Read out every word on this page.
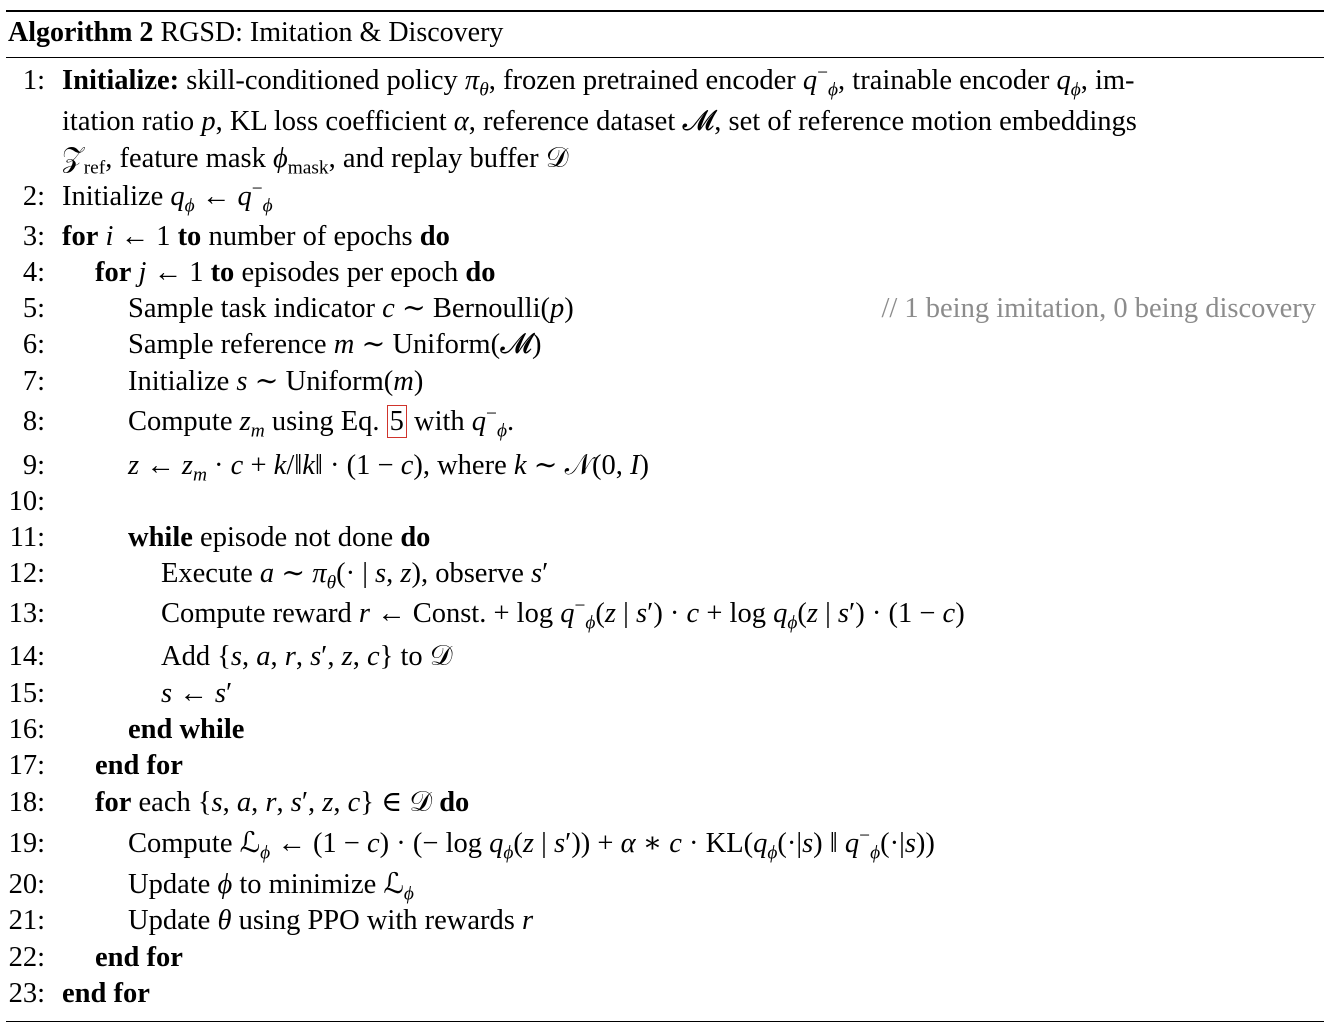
Algorithm 2 RGSD: Imitation & Discovery
1: Initialize: skill-conditioned policy $\pi_\theta$, frozen pretrained encoder $q^-_\phi$, trainable encoder $q_\phi$, im-
itation ratio p, KL loss coefficient α, reference dataset 𝓜, set of reference motion embeddings
𝒵$_{ref}$, feature mask $\phi_{mask}$, and replay buffer 𝒟
2: Initialize $q_\phi$ ← $q^-_\phi$
3: for i ← 1 to number of epochs do
4: for j ← 1 to episodes per epoch do
5:	Sample task indicator c ∼ Bernoulli(p)	// 1 being imitation, 0 being discovery
6:	Sample reference m ∼ Uniform(𝓜)
7:	Initialize s ∼ Uniform(m)
8:	Compute $z_m$ using Eq. 5 with $q^-_\phi$.
9:	z ← $z_m \cdot c$ + k/‖k‖ · (1 − c), where k ∼ 𝒩(0, I)
10:
11:	while episode not done do
12:	Execute a ∼ $\pi_\theta(\cdot$ | s, z), observe s′
13:	Compute reward r ← Const. + $\log q^-_\phi(z$ | $s') \cdot c + \log q_\phi(z$ | s′) · (1 − c)
14:	Add {s, a, r, s′, z, c} to 𝒟
15:	s ← s′
16:	end while
17: end for
18: for each {s, a, r, s′, z, c} ∈ 𝒟 do
19:	Compute ℒ$_\phi$ ← (1 − c) · (− $\log q_\phi(z$ | s′)) + α ∗ $c \cdot KL(q_\phi(\cdot|s)$ ‖ $q^-_\phi(\cdot|s)$)
20:	Update ϕ to minimize ℒ$_\phi$
21:	Update θ using PPO with rewards r
22: end for
23: end for
